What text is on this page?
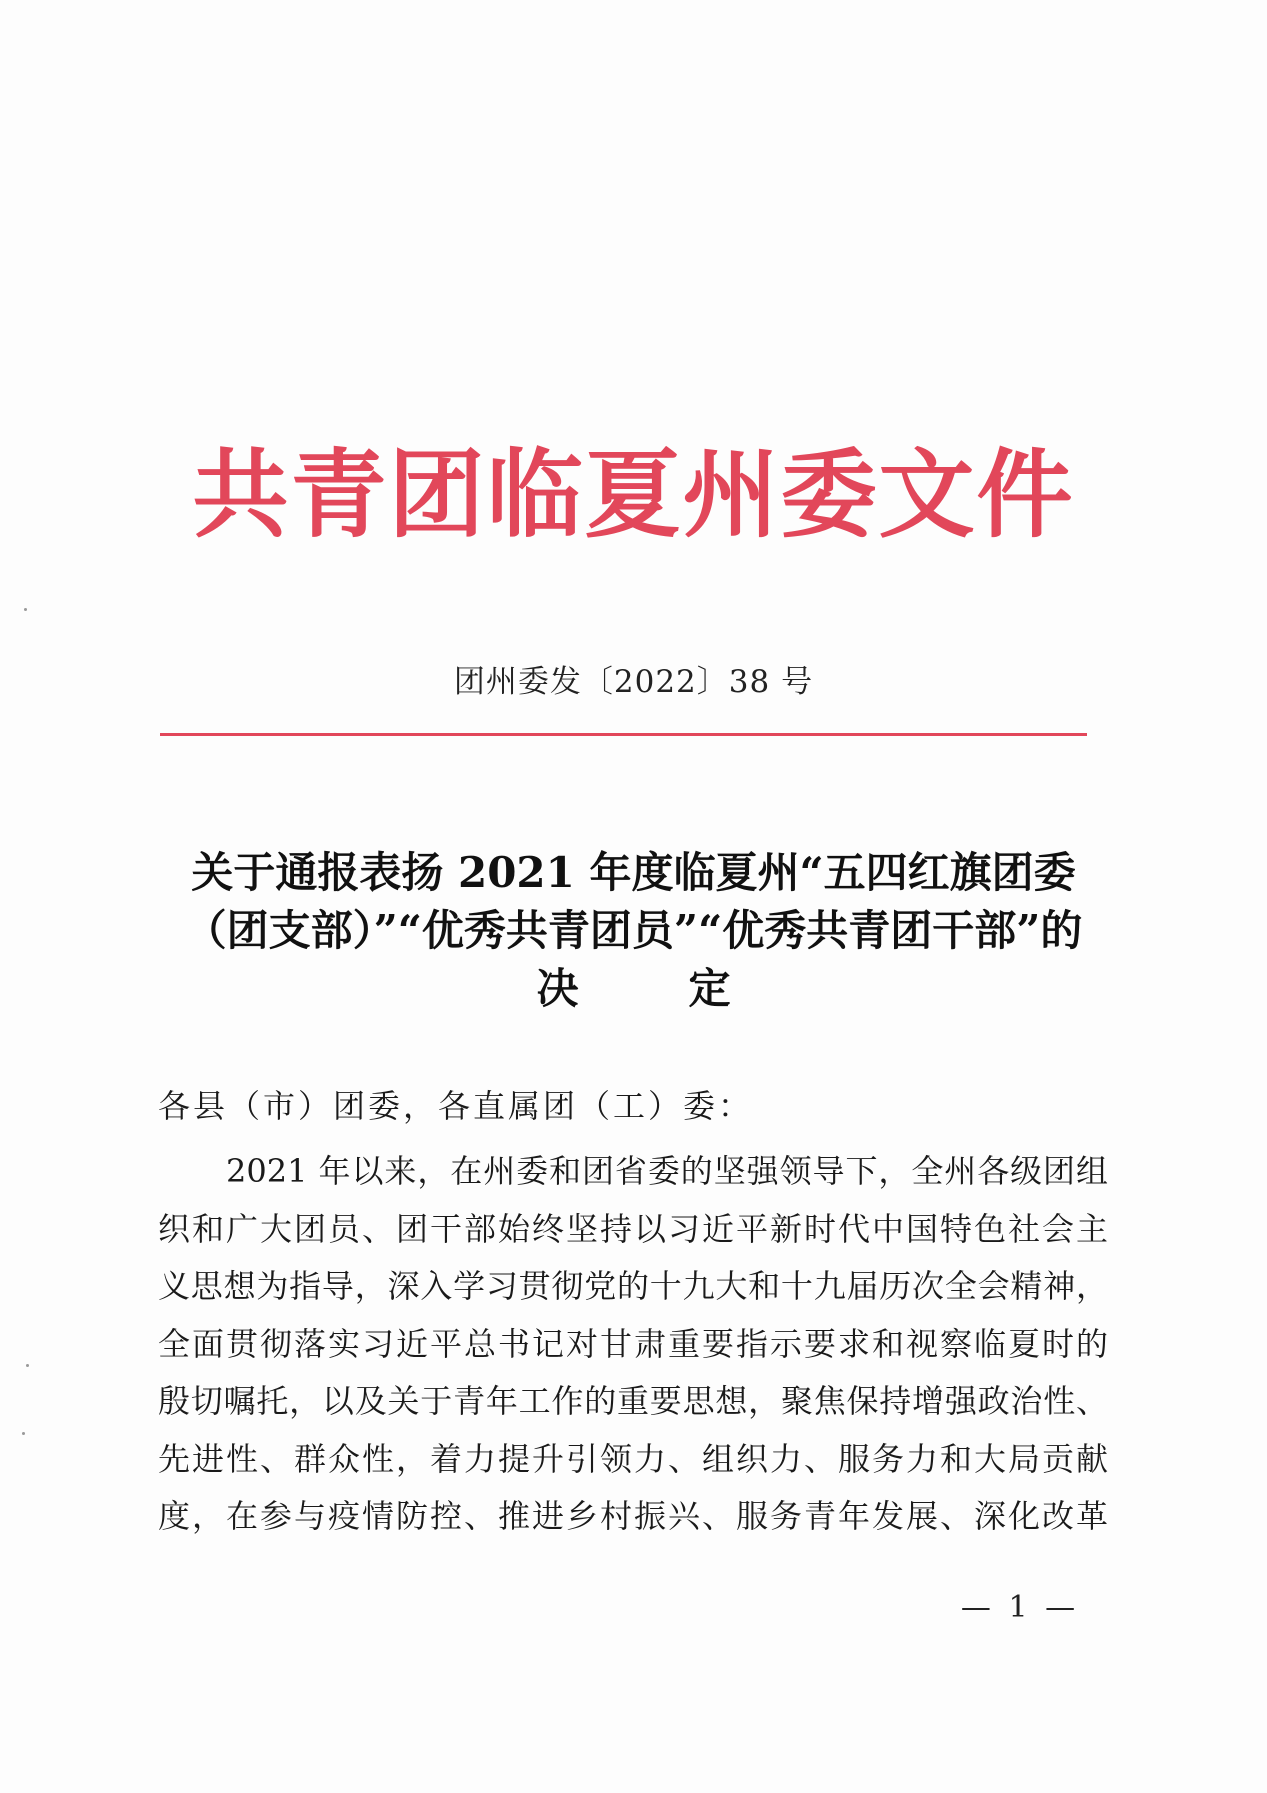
共青团临夏州委文件
团州委发〔2022〕38 号
关于通报表扬 2021 年度临夏州“五四红旗团委
（团支部）”“优秀共青团员”“优秀共青团干部”的
决定
各县（市）团委，各直属团（工）委：
2021 年以来，在州委和团省委的坚强领导下，全州各级团组
织和广大团员、团干部始终坚持以习近平新时代中国特色社会主
义思想为指导，深入学习贯彻党的十九大和十九届历次全会精神，
全面贯彻落实习近平总书记对甘肃重要指示要求和视察临夏时的
殷切嘱托，以及关于青年工作的重要思想，聚焦保持增强政治性、
先进性、群众性，着力提升引领力、组织力、服务力和大局贡献
度，在参与疫情防控、推进乡村振兴、服务青年发展、深化改革
— 1 —
